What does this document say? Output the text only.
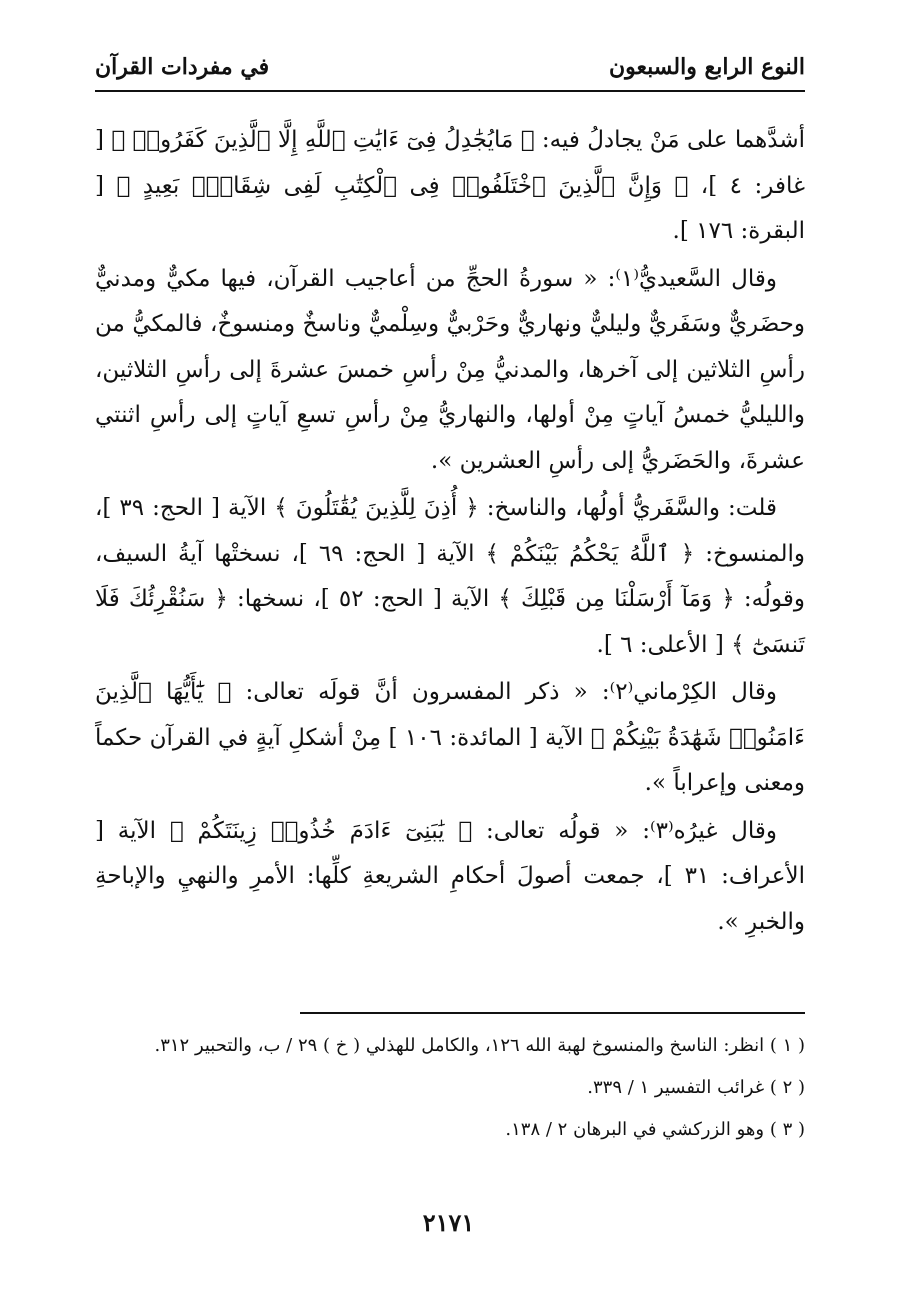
النوع الرابع والسبعون
في مفردات القرآن

أشدَّهما على مَنْ يجادلُ فيه: ﴿ مَايُجَٰدِلُ فِىٓ ءَايَٰتِ ٱللَّهِ إِلَّا ٱلَّذِينَ كَفَرُوا۟ ﴾ [ غافر: ٤ ]، ﴿ وَإِنَّ ٱلَّذِينَ ٱخْتَلَفُوا۟ فِى ٱلْكِتَٰبِ لَفِى شِقَاقٍۭ بَعِيدٍ ﴾ [ البقرة: ١٧٦ ].

وقال السَّعيديُّ⁽١⁾: « سورةُ الحجِّ من أعاجيب القرآن، فيها مكيٌّ ومدنيٌّ وحضَريٌّ وسَفَريٌّ وليليٌّ ونهاريٌّ وحَرْبيٌّ وسِلْميٌّ وناسخٌ ومنسوخٌ، فالمكيُّ من رأسِ الثلاثين إلى آخرها، والمدنيُّ مِنْ رأسِ خمسَ عشرةَ إلى رأسِ الثلاثين، والليليُّ خمسُ آياتٍ مِنْ أولها، والنهاريُّ مِنْ رأسِ تسعِ آياتٍ إلى رأسِ اثنتي عشرةَ، والحَضَريُّ إلى رأسِ العشرين ».

قلت: والسَّفَريُّ أولُها، والناسخ: ﴿ أُذِنَ لِلَّذِينَ يُقَٰتَلُونَ ﴾ الآية [ الحج: ٣٩ ]، والمنسوخ: ﴿ ٱللَّهُ يَحْكُمُ بَيْنَكُمْ ﴾ الآية [ الحج: ٦٩ ]، نسختْها آيةُ السيف، وقولُه: ﴿ وَمَآ أَرْسَلْنَا مِن قَبْلِكَ ﴾ الآية [ الحج: ٥٢ ]، نسخها: ﴿ سَنُقْرِئُكَ فَلَا تَنسَىٰٓ ﴾ [ الأعلى: ٦ ].

وقال الكِرْماني⁽٢⁾: « ذكر المفسرون أنَّ قولَه تعالى: ﴿ يَٰٓأَيُّهَا ٱلَّذِينَ ءَامَنُوا۟ شَهَٰدَةُ بَيْنِكُمْ ﴾ الآية [ المائدة: ١٠٦ ] مِنْ أشكلِ آيةٍ في القرآن حكماً ومعنى وإعراباً ».

وقال غيرُه⁽٣⁾: « قولُه تعالى: ﴿ يَٰبَنِىٓ ءَادَمَ خُذُوا۟ زِينَتَكُمْ ﴾ الآية [ الأعراف: ٣١ ]، جمعت أصولَ أحكامِ الشريعةِ كلِّها: الأمرِ والنهيِ والإباحةِ والخبرِ ».

( ١ ) انظر: الناسخ والمنسوخ لهبة الله ١٢٦، والكامل للهذلي ( خ ) ٢٩ / ب، والتحبير ٣١٢.
( ٢ ) غرائب التفسير ١ / ٣٣٩.
( ٣ ) وهو الزركشي في البرهان ٢ / ١٣٨.
٢١٧١
